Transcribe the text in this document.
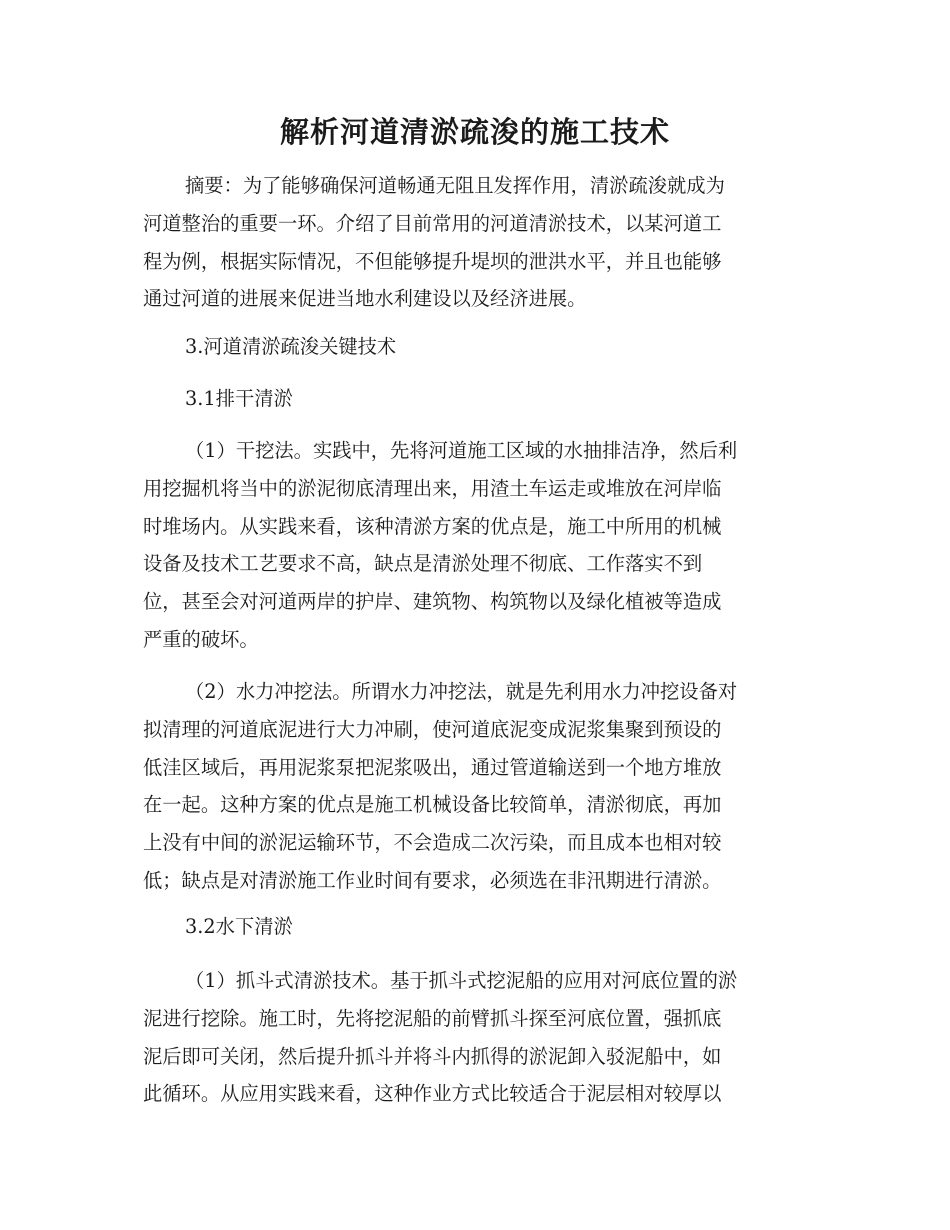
解析河道清淤疏浚的施工技术
摘要：为了能够确保河道畅通无阻且发挥作用，清淤疏浚就成为
河道整治的重要一环。介绍了目前常用的河道清淤技术，以某河道工
程为例，根据实际情况，不但能够提升堤坝的泄洪水平，并且也能够
通过河道的进展来促进当地水利建设以及经济进展。

3.河道清淤疏浚关键技术

3.1排干清淤

（1）干挖法。实践中，先将河道施工区域的水抽排洁净，然后利
用挖掘机将当中的淤泥彻底清理出来，用渣土车运走或堆放在河岸临
时堆场内。从实践来看，该种清淤方案的优点是，施工中所用的机械
设备及技术工艺要求不高，缺点是清淤处理不彻底、工作落实不到
位，甚至会对河道两岸的护岸、建筑物、构筑物以及绿化植被等造成
严重的破坏。
（2）水力冲挖法。所谓水力冲挖法，就是先利用水力冲挖设备对
拟清理的河道底泥进行大力冲刷，使河道底泥变成泥浆集聚到预设的
低洼区域后，再用泥浆泵把泥浆吸出，通过管道输送到一个地方堆放
在一起。这种方案的优点是施工机械设备比较简单，清淤彻底，再加
上没有中间的淤泥运输环节，不会造成二次污染，而且成本也相对较
低；缺点是对清淤施工作业时间有要求，必须选在非汛期进行清淤。

3.2水下清淤

（1）抓斗式清淤技术。基于抓斗式挖泥船的应用对河底位置的淤
泥进行挖除。施工时，先将挖泥船的前臂抓斗探至河底位置，强抓底
泥后即可关闭，然后提升抓斗并将斗内抓得的淤泥卸入驳泥船中，如
此循环。从应用实践来看，这种作业方式比较适合于泥层相对较厚以
